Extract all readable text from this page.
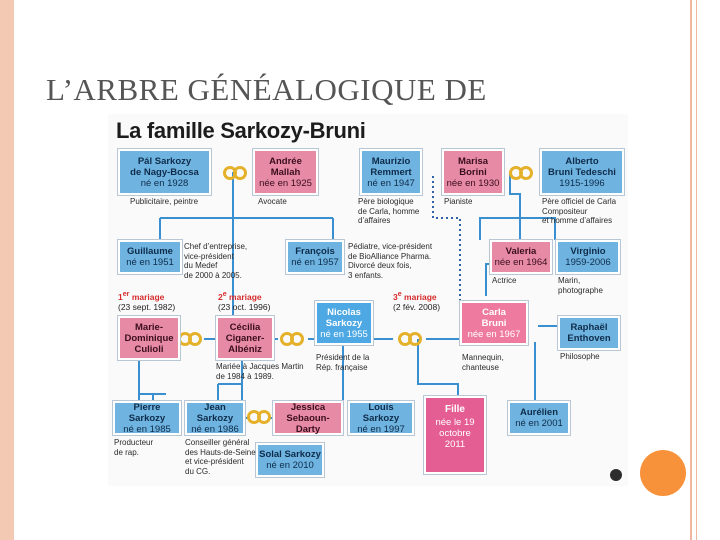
L’ARBRE GÉNÉALOGIQUE DE
La famille Sarkozy-Bruni
Pál Sarkozy
de Nagy-Bocsa
né en 1928
Andrée
Mallah
née en 1925
Maurizio
Remmert
né en 1947
Marisa
Borini
née en 1930
Alberto
Bruni Tedeschi
1915-1996
Guillaume
né en 1951
François
né en 1957
Valeria
née en 1964
Virginio
1959-2006
Nicolas
Sarkozy
né en 1955
Carla
Bruni
née en 1967
Marie-
Dominique
Culioli
Cécilia
Ciganer-
Albéniz
Raphaël
Enthoven
Pierre Sarkozy
né en 1985
Jean Sarkozy
né en 1986
Jessica
Sebaoun-Darty
Louis Sarkozy
né en 1997
Fille
née le 19 octobre 2011
Aurélien
né en 2001
Solal Sarkozy
né en 2010
1er mariage
(23 sept. 1982)
2e mariage
(23 oct. 1996)
3e mariage
(2 fév. 2008)
Publicitaire, peintre	Avocate	Père biologique
de Carla, homme
d’affaires
Pianiste	Père officiel de Carla
Compositeur
et homme d’affaires
Chef d’entreprise,
vice-président
du Medef
de 2000 à 2005.
Pédiatre, vice-président
de BioAlliance Pharma.
Divorcé deux fois,
3 enfants.
Actrice	Marin,
photographe
Philosophe
Mariée à Jacques Martin
de 1984 à 1989.
Président de la
Rép. française
Mannequin,
chanteuse
Producteur
de rap.
Conseiller général
des Hauts-de-Seine
et vice-président
du CG.
